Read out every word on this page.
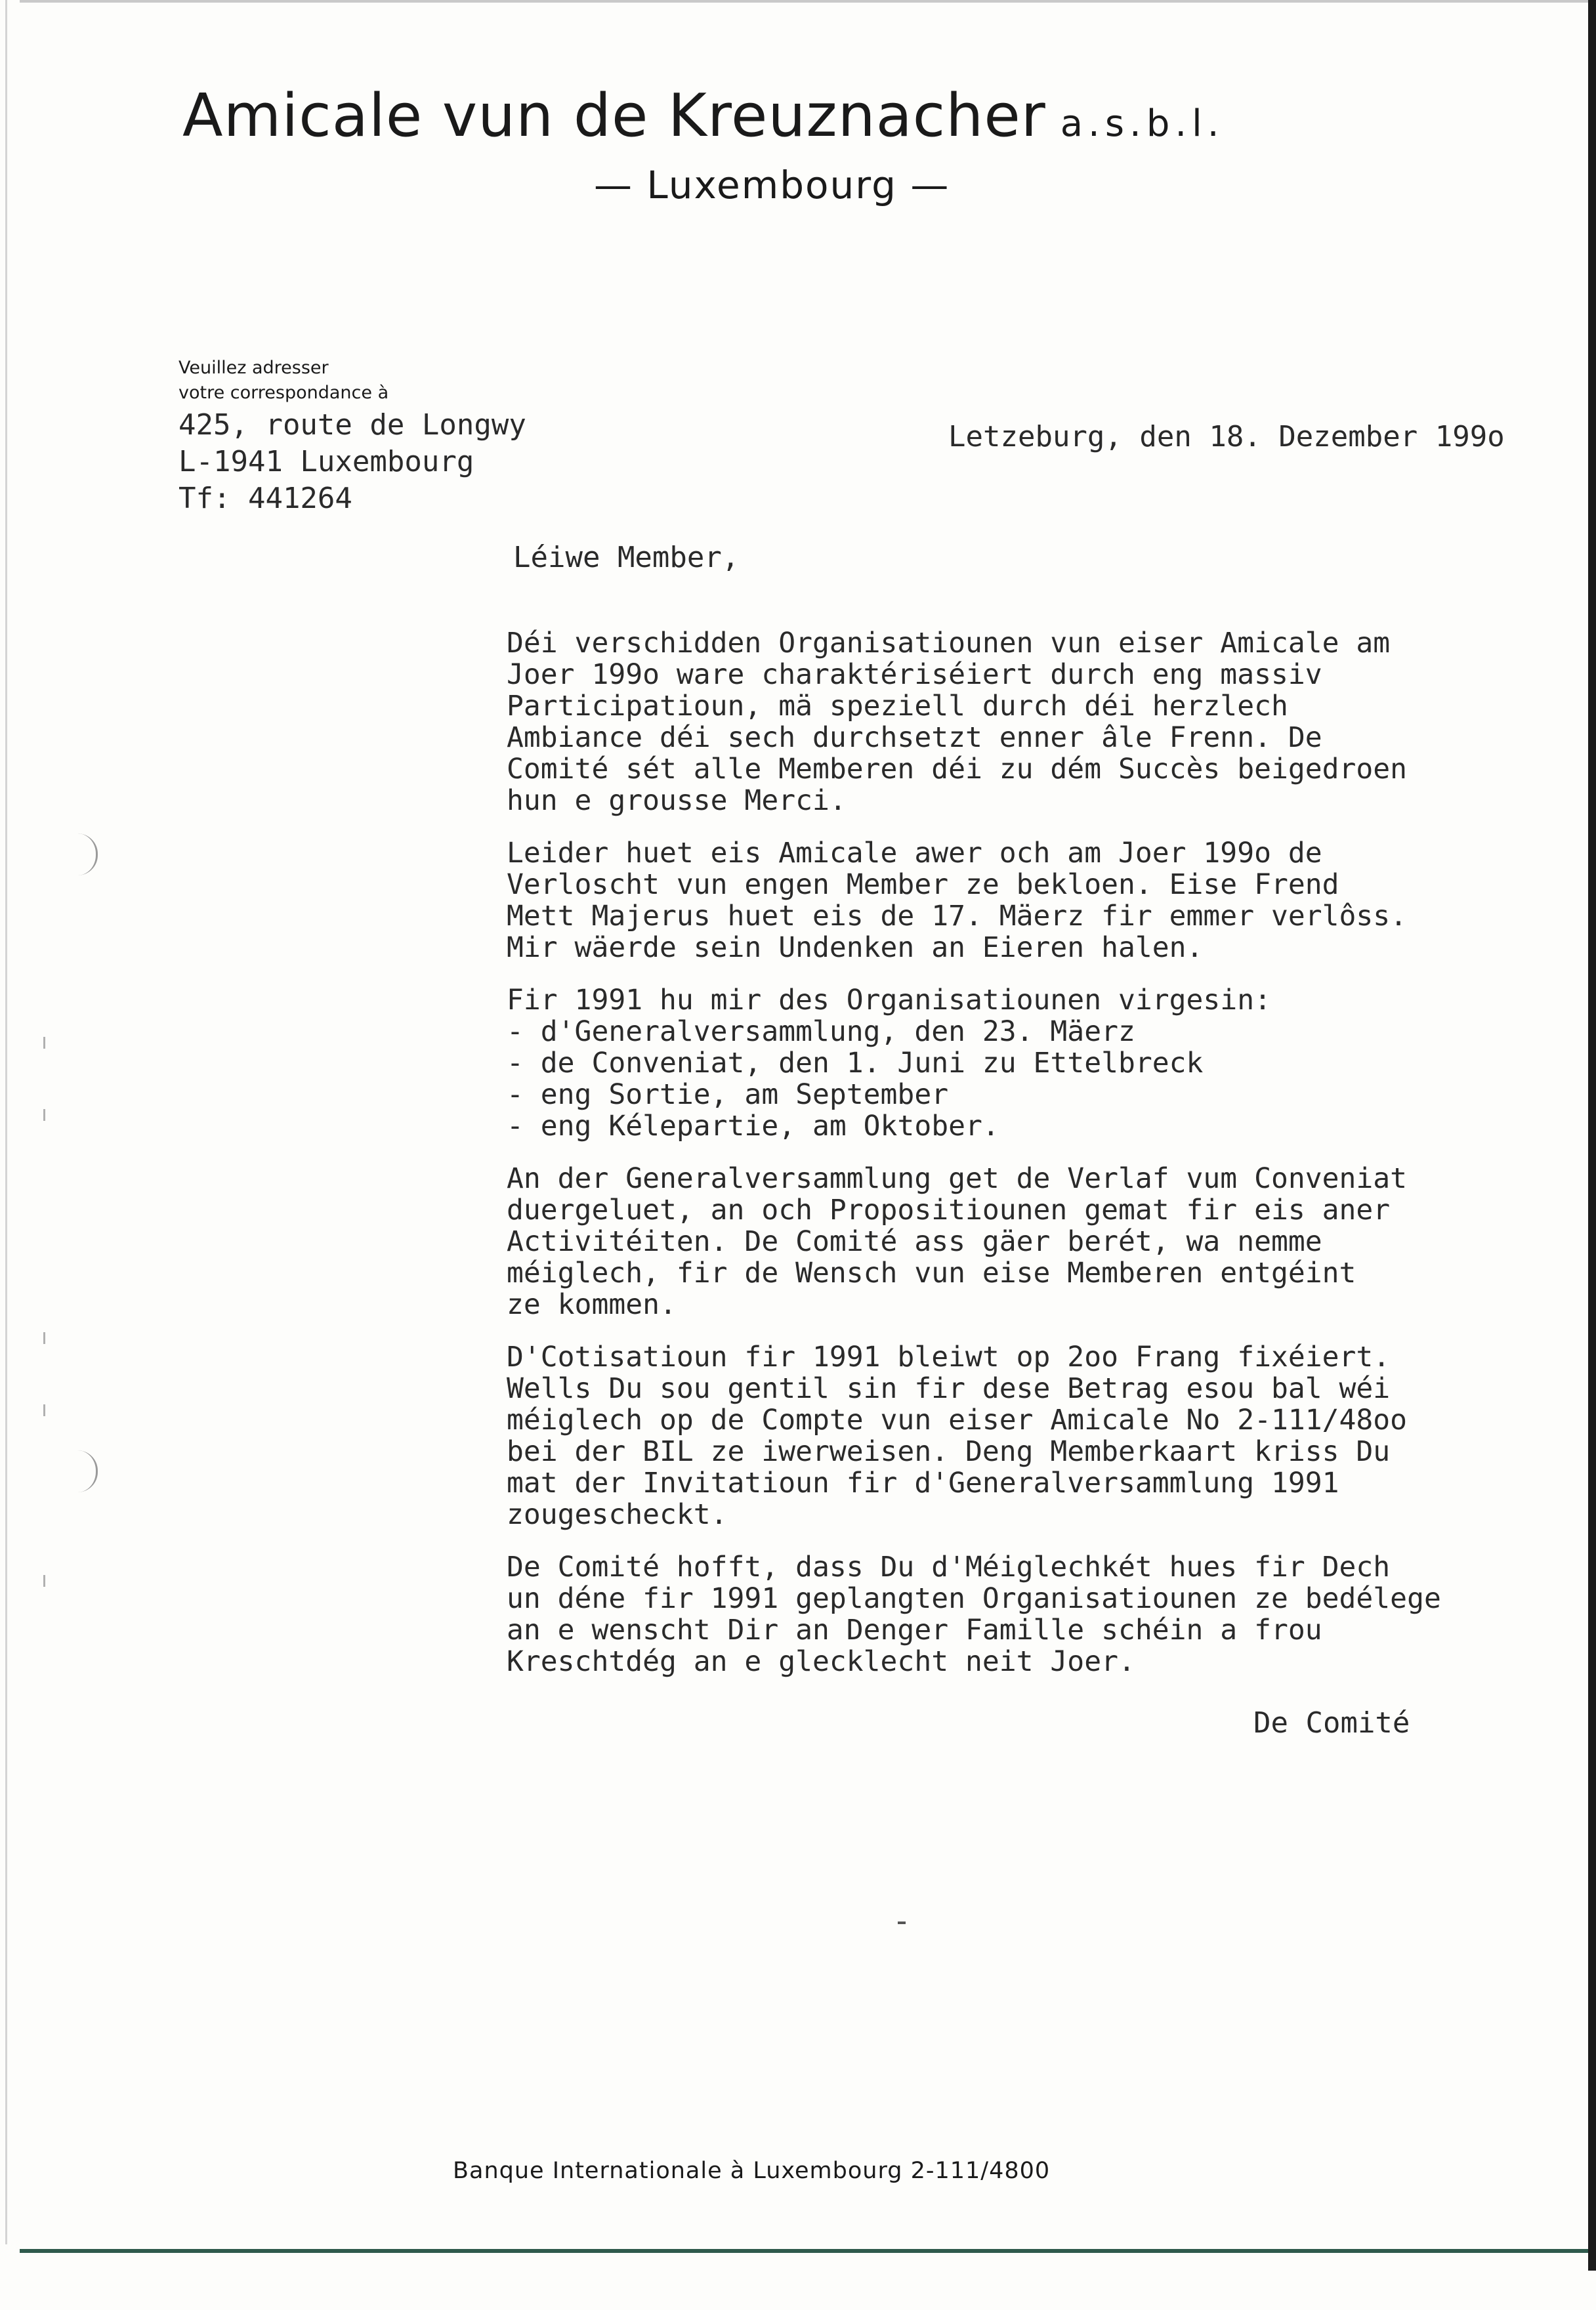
Amicale vun de Kreuznacher a.s.b.l.
— Luxembourg —
Veuillez adresser
votre correspondance à
425, route de Longwy
L-1941 Luxembourg
Tf: 441264
Letzeburg, den 18. Dezember 199o
Léiwe Member,
Déi verschidden Organisatiounen vun eiser Amicale am
Joer 199o ware charaktériséiert durch eng massiv
Participatioun, mä speziell durch déi herzlech
Ambiance déi sech durchsetzt enner âle Frenn. De
Comité sét alle Memberen déi zu dém Succès beigedroen
hun e grousse Merci.
Leider huet eis Amicale awer och am Joer 199o de
Verloscht vun engen Member ze bekloen. Eise Frend
Mett Majerus huet eis de 17. Mäerz fir emmer verlôss.
Mir wäerde sein Undenken an Eieren halen.
Fir 1991 hu mir des Organisatiounen virgesin:
- d'Generalversammlung, den 23. Mäerz
- de Conveniat, den 1. Juni zu Ettelbreck
- eng Sortie, am September
- eng Kélepartie, am Oktober.
An der Generalversammlung get de Verlaf vum Conveniat
duergeluet, an och Propositiounen gemat fir eis aner
Activitéiten. De Comité ass gäer berét, wa nemme
méiglech, fir de Wensch vun eise Memberen entgéint
ze kommen.
D'Cotisatioun fir 1991 bleiwt op 2oo Frang fixéiert.
Wells Du sou gentil sin fir dese Betrag esou bal wéi
méiglech op de Compte vun eiser Amicale No 2-111/48oo
bei der BIL ze iwerweisen. Deng Memberkaart kriss Du
mat der Invitatioun fir d'Generalversammlung 1991
zougescheckt.
De Comité hofft, dass Du d'Méiglechkét hues fir Dech
un déne fir 1991 geplangten Organisatiounen ze bedélege
an e wenscht Dir an Denger Famille schéin a frou
Kreschtdég an e glecklecht neit Joer.
De Comité
Banque Internationale à Luxembourg 2-111/4800
